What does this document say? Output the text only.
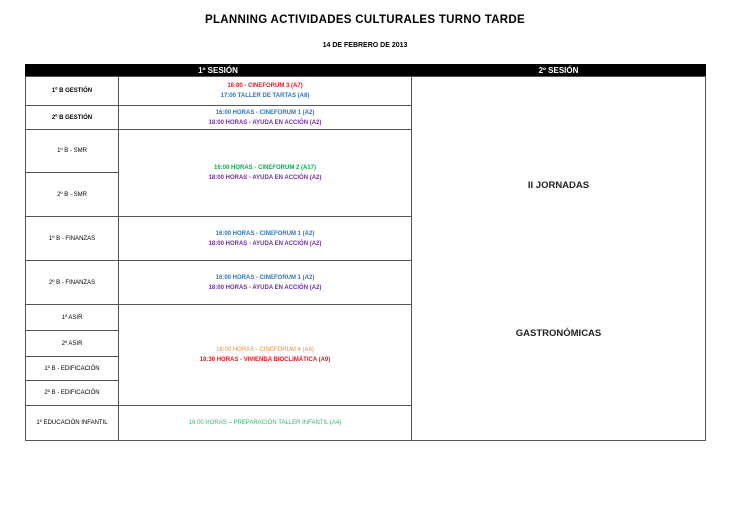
PLANNING ACTIVIDADES CULTURALES TURNO TARDE
14 DE FEBRERO DE 2013
1º SESIÓN	2º SESIÓN
1º B GESTIÓN
2º B GESTIÓN
1º B - SMR
2º B - SMR
1º B - FINANZAS
2º B - FINANZAS
1º ASIR
2º ASIR
1º B - EDIFICACIÓN
2º B - EDIFICACIÓN
1º EDUCACIÓN INFANTIL
16:00 - CINEFORUM 3 (A7)
17:00 TALLER DE TARTAS (A8)
16:00 HORAS - CINEFORUM 1 (A2)
18:00 HORAS - AYUDA EN ACCIÓN (A2)
16:00 HORAS - CINEFORUM 2 (A17)
18:00 HORAS - AYUDA EN ACCIÓN (A2)
16:00 HORAS - CINEFORUM 1 (A2)
18:00 HORAS - AYUDA EN ACCIÓN (A2)
16:00 HORAS - CINEFORUM 1 (A2)
18:00 HORAS - AYUDA EN ACCIÓN (A2)
16:00 HORAS - CINEFORUM 4 (A9)
18:30 HORAS - VIVIENDA BIOCLIMÁTICA (A9)
16:00 HORAS – PREPARACIÓN TALLER INFANTIL (A4)
II JORNADAS
GASTRONÓMICAS
